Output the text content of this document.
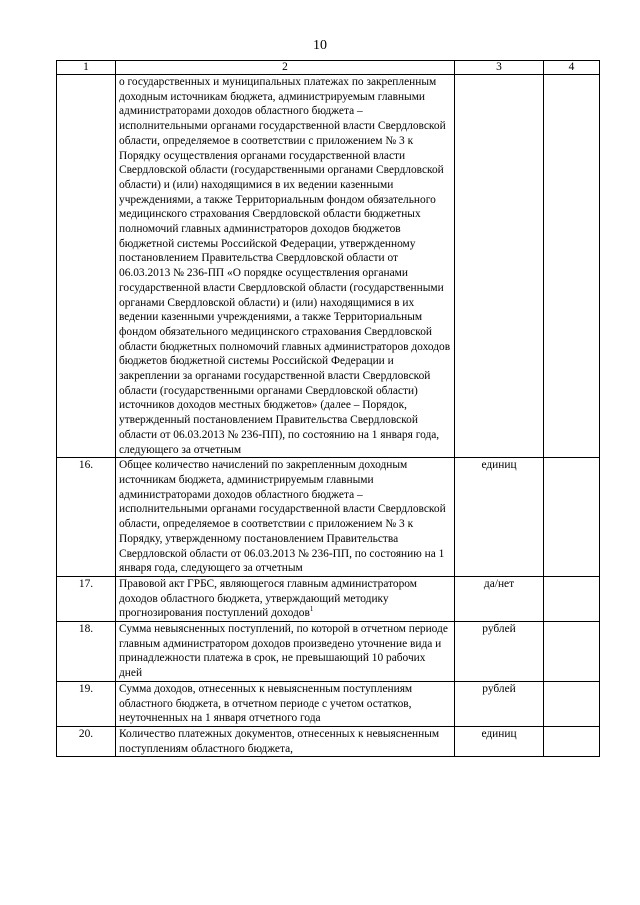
10
1	2	3	4
	о государственных и муниципальных платежах по закрепленным доходным источникам бюджета, администрируемым главными администраторами доходов областного бюджета – исполнительными органами государственной власти Свердловской области, определяемое в соответствии с приложением № 3 к Порядку осуществления органами государственной власти Свердловской области (государственными органами Свердловской области) и (или) находящимися в их ведении казенными учреждениями, а также Территориальным фондом обязательного медицинского страхования Свердловской области бюджетных полномочий главных администраторов доходов бюджетов бюджетной системы Российской Федерации, утвержденному постановлением Правительства Свердловской области от 06.03.2013 № 236-ПП «О порядке осуществления органами государственной власти Свердловской области (государственными органами Свердловской области) и (или) находящимися в их ведении казенными учреждениями, а также Территориальным фондом обязательного медицинского страхования Свердловской области бюджетных полномочий главных администраторов доходов бюджетов бюджетной системы Российской Федерации и закреплении за органами государственной власти Свердловской области (государственными органами Свердловской области) источников доходов местных бюджетов» (далее – Порядок, утвержденный постановлением Правительства Свердловской области от 06.03.2013 № 236-ПП), по состоянию на 1 января года, следующего за отчетным		
16.	Общее количество начислений по закрепленным доходным источникам бюджета, администрируемым главными администраторами доходов областного бюджета – исполнительными органами государственной власти Свердловской области, определяемое в соответствии с приложением № 3 к Порядку, утвержденному постановлением Правительства Свердловской области от 06.03.2013 № 236-ПП, по состоянию на 1 января года, следующего за отчетным	единиц	
17.	Правовой акт ГРБС, являющегося главным администратором доходов областного бюджета, утверждающий методику прогнозирования поступлений доходов$^1$	да/нет	
18.	Сумма невыясненных поступлений, по которой в отчетном периоде главным администратором доходов произведено уточнение вида и принадлежности платежа в срок, не превышающий 10 рабочих дней	рублей	
19.	Сумма доходов, отнесенных к невыясненным поступлениям областного бюджета, в отчетном периоде с учетом остатков, неуточненных на 1 января отчетного года	рублей	
20.	Количество платежных документов, отнесенных к невыясненным поступлениям областного бюджета,	единиц	
